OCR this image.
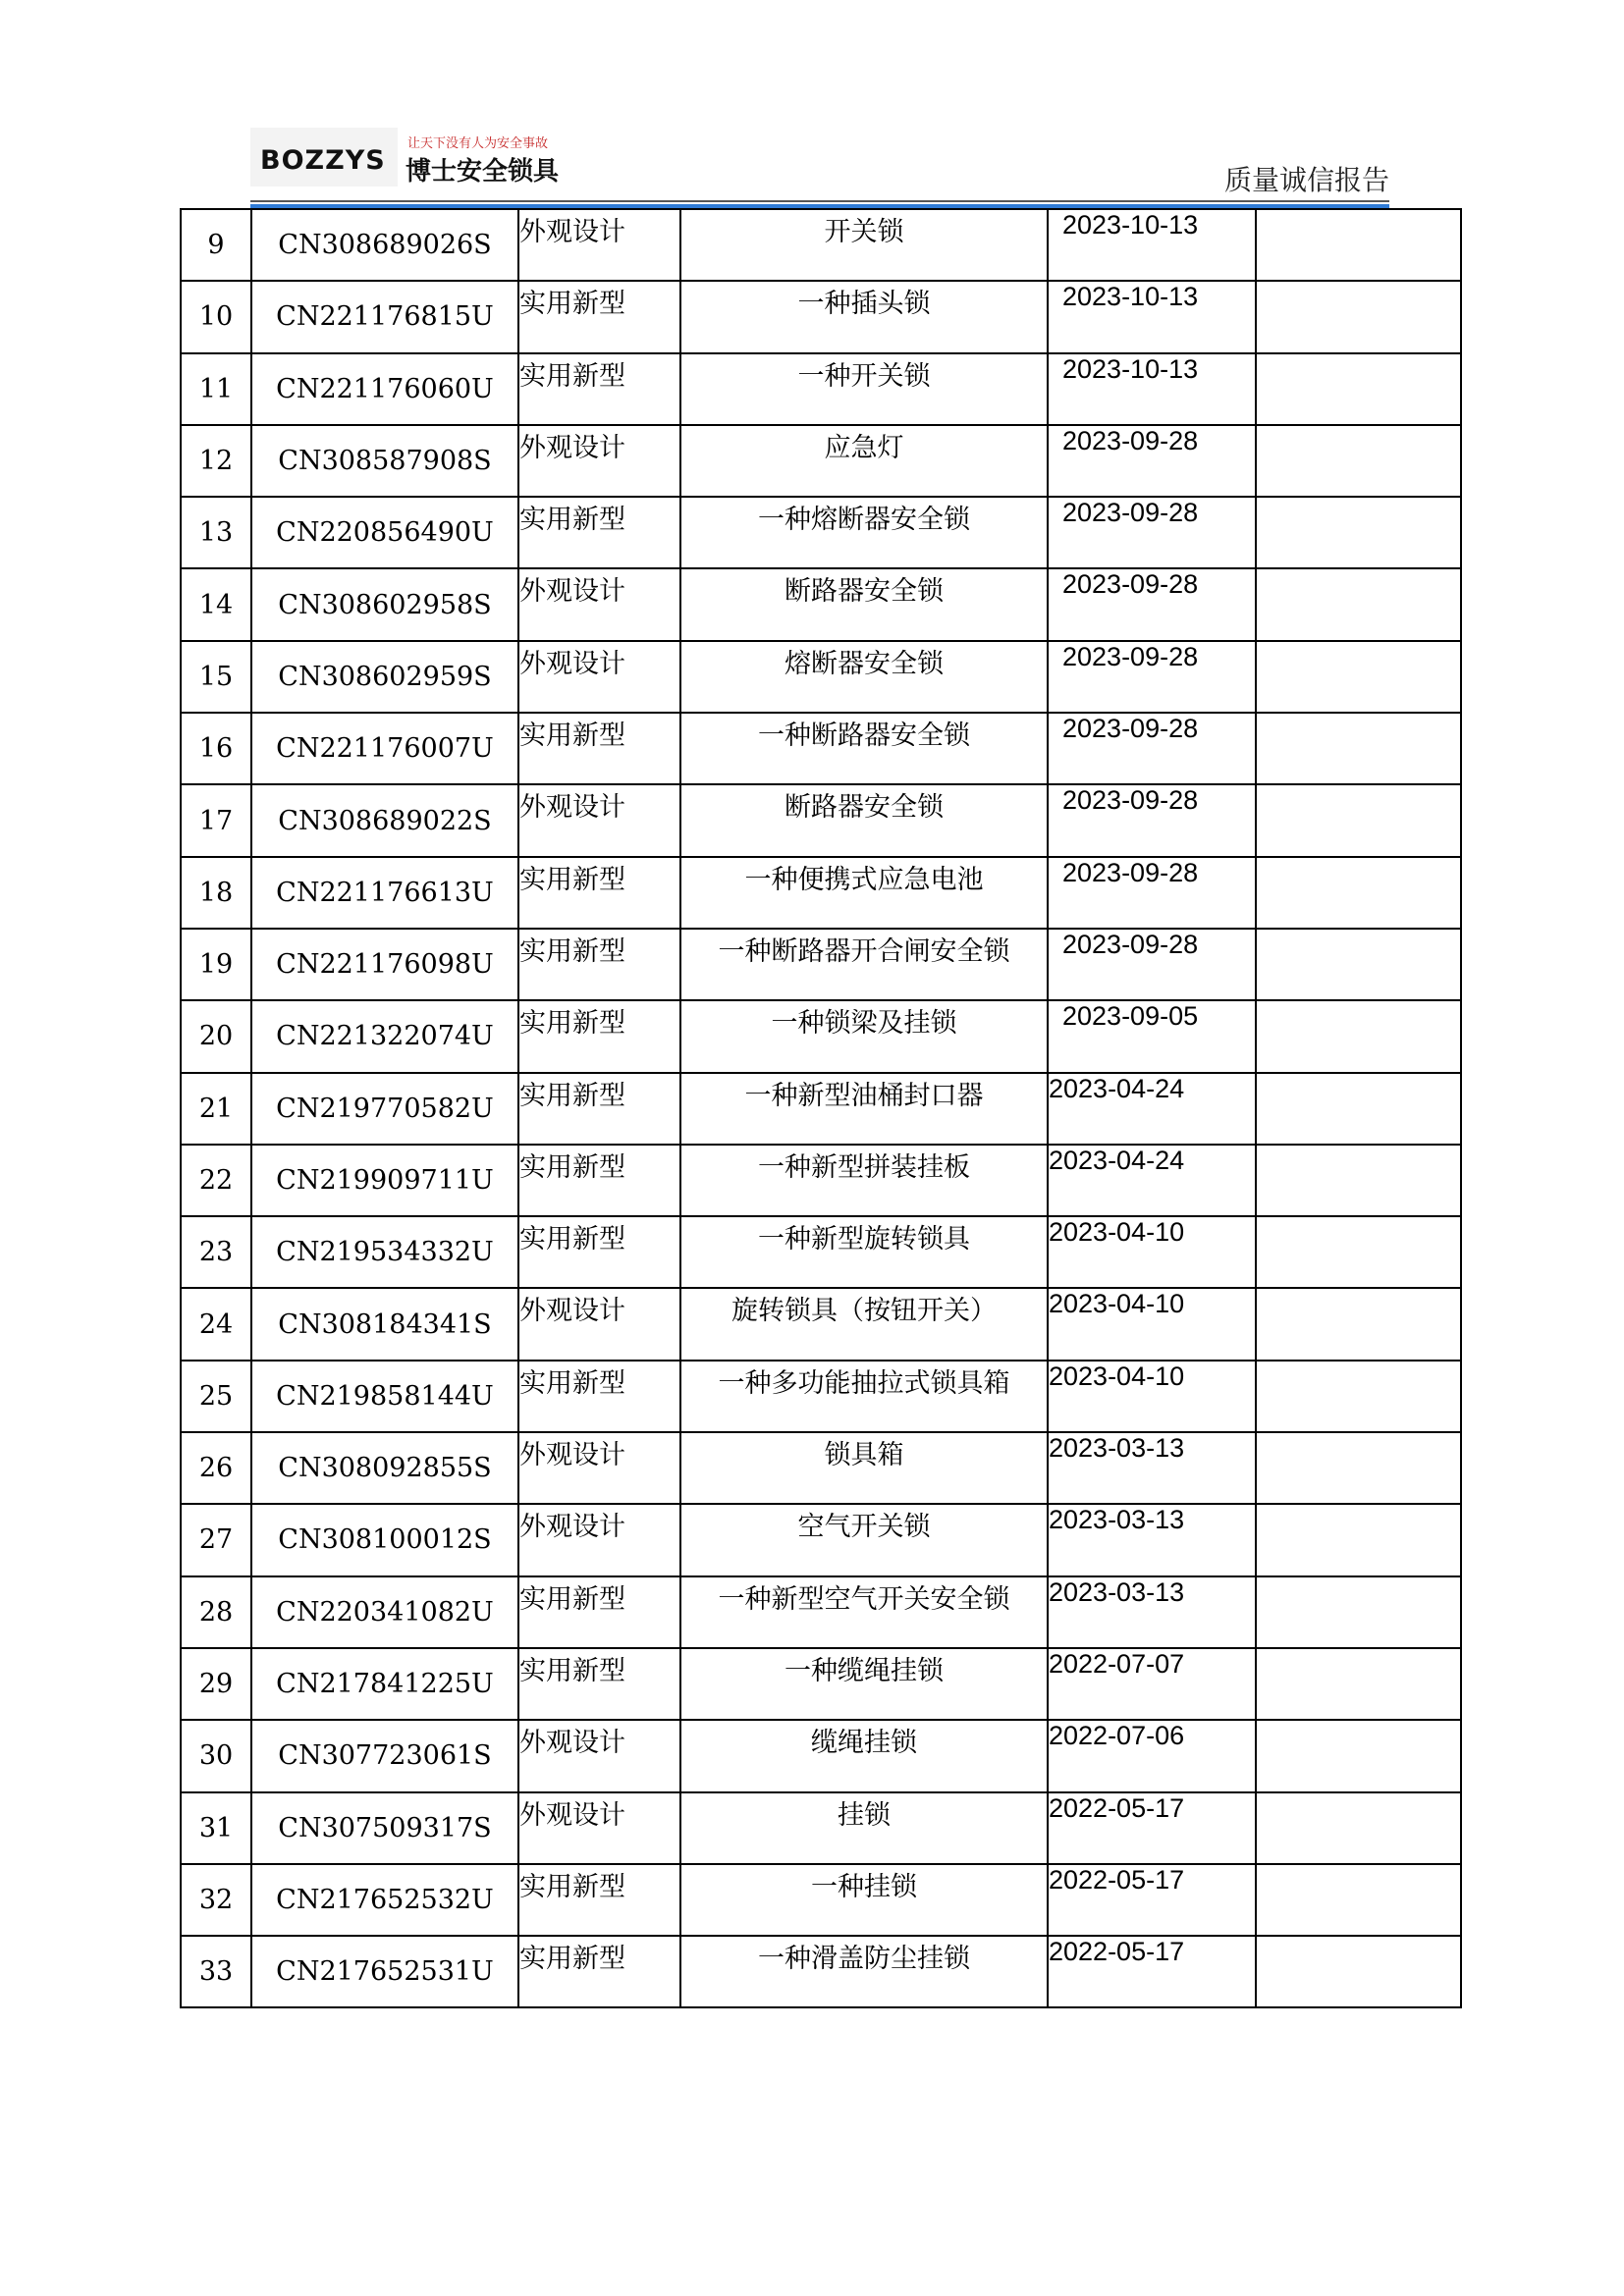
BOZZYS
让天下没有人为安全事故
博士安全锁具	质量诚信报告
9	CN308689026S	外观设计	开关锁	2023-10-13	
10	CN221176815U	实用新型	一种插头锁	2023-10-13	
11	CN221176060U	实用新型	一种开关锁	2023-10-13	
12	CN308587908S	外观设计	应急灯	2023-09-28	
13	CN220856490U	实用新型	一种熔断器安全锁	2023-09-28	
14	CN308602958S	外观设计	断路器安全锁	2023-09-28	
15	CN308602959S	外观设计	熔断器安全锁	2023-09-28	
16	CN221176007U	实用新型	一种断路器安全锁	2023-09-28	
17	CN308689022S	外观设计	断路器安全锁	2023-09-28	
18	CN221176613U	实用新型	一种便携式应急电池	2023-09-28	
19	CN221176098U	实用新型	一种断路器开合闸安全锁	2023-09-28	
20	CN221322074U	实用新型	一种锁梁及挂锁	2023-09-05	
21	CN219770582U	实用新型	一种新型油桶封口器	2023-04-24	
22	CN219909711U	实用新型	一种新型拼装挂板	2023-04-24	
23	CN219534332U	实用新型	一种新型旋转锁具	2023-04-10	
24	CN308184341S	外观设计	旋转锁具（按钮开关）	2023-04-10	
25	CN219858144U	实用新型	一种多功能抽拉式锁具箱	2023-04-10	
26	CN308092855S	外观设计	锁具箱	2023-03-13	
27	CN308100012S	外观设计	空气开关锁	2023-03-13	
28	CN220341082U	实用新型	一种新型空气开关安全锁	2023-03-13	
29	CN217841225U	实用新型	一种缆绳挂锁	2022-07-07	
30	CN307723061S	外观设计	缆绳挂锁	2022-07-06	
31	CN307509317S	外观设计	挂锁	2022-05-17	
32	CN217652532U	实用新型	一种挂锁	2022-05-17	
33	CN217652531U	实用新型	一种滑盖防尘挂锁	2022-05-17	
